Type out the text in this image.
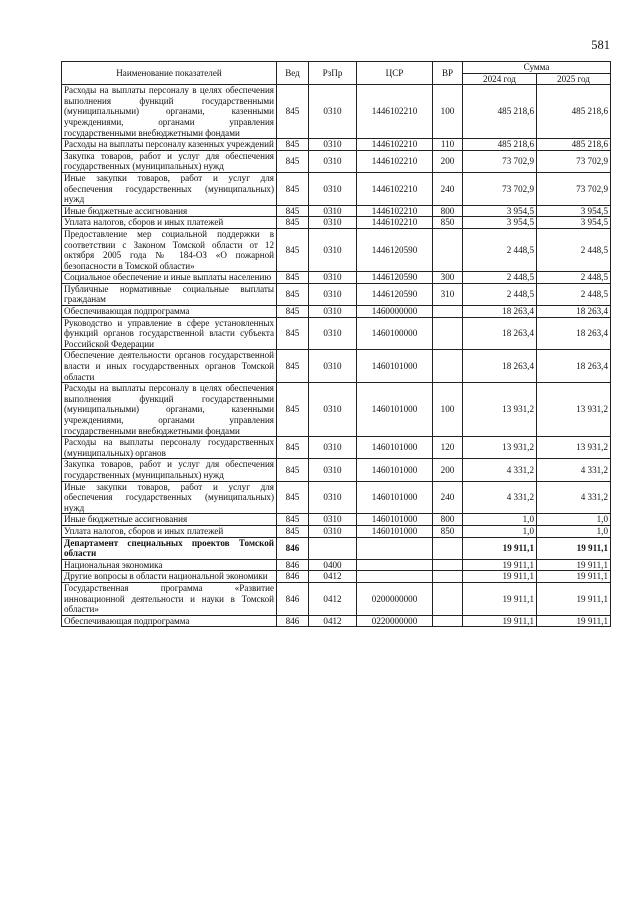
581
Наименование показателей	Вед	РзПр	ЦСР	ВР	Сумма	
					2024 год	2025 год
Расходы на выплаты персоналу в целях обеспечения выполнения функций государственными (муниципальными) органами, казенными учреждениями, органами управления государственными внебюджетными фондами	845	0310	1446102210	100	485 218,6	485 218,6
Расходы на выплаты персоналу казенных учреждений	845	0310	1446102210	110	485 218,6	485 218,6
Закупка товаров, работ и услуг для обеспечения государственных (муниципальных) нужд	845	0310	1446102210	200	73 702,9	73 702,9
Иные закупки товаров, работ и услуг для обеспечения государственных (муниципальных) нужд	845	0310	1446102210	240	73 702,9	73 702,9
Иные бюджетные ассигнования	845	0310	1446102210	800	3 954,5	3 954,5
Уплата налогов, сборов и иных платежей	845	0310	1446102210	850	3 954,5	3 954,5
Предоставление мер социальной поддержки в соответствии с Законом Томской области от 12 октября 2005 года № 184-ОЗ «О пожарной безопасности в Томской области»	845	0310	1446120590		2 448,5	2 448,5
Социальное обеспечение и иные выплаты населению	845	0310	1446120590	300	2 448,5	2 448,5
Публичные нормативные социальные выплаты гражданам	845	0310	1446120590	310	2 448,5	2 448,5
Обеспечивающая подпрограмма	845	0310	1460000000		18 263,4	18 263,4
Руководство и управление в сфере установленных функций органов государственной власти субъекта Российской Федерации	845	0310	1460100000		18 263,4	18 263,4
Обеспечение деятельности органов государственной власти и иных государственных органов Томской области	845	0310	1460101000		18 263,4	18 263,4
Расходы на выплаты персоналу в целях обеспечения выполнения функций государственными (муниципальными) органами, казенными учреждениями, органами управления государственными внебюджетными фондами	845	0310	1460101000	100	13 931,2	13 931,2
Расходы на выплаты персоналу государственных (муниципальных) органов	845	0310	1460101000	120	13 931,2	13 931,2
Закупка товаров, работ и услуг для обеспечения государственных (муниципальных) нужд	845	0310	1460101000	200	4 331,2	4 331,2
Иные закупки товаров, работ и услуг для обеспечения государственных (муниципальных) нужд	845	0310	1460101000	240	4 331,2	4 331,2
Иные бюджетные ассигнования	845	0310	1460101000	800	1,0	1,0
Уплата налогов, сборов и иных платежей	845	0310	1460101000	850	1,0	1,0
Департамент специальных проектов Томской области	846				19 911,1	19 911,1
Национальная экономика	846	0400			19 911,1	19 911,1
Другие вопросы в области национальной экономики	846	0412			19 911,1	19 911,1
Государственная программа «Развитие инновационной деятельности и науки в Томской области»	846	0412	0200000000		19 911,1	19 911,1
Обеспечивающая подпрограмма	846	0412	0220000000		19 911,1	19 911,1
